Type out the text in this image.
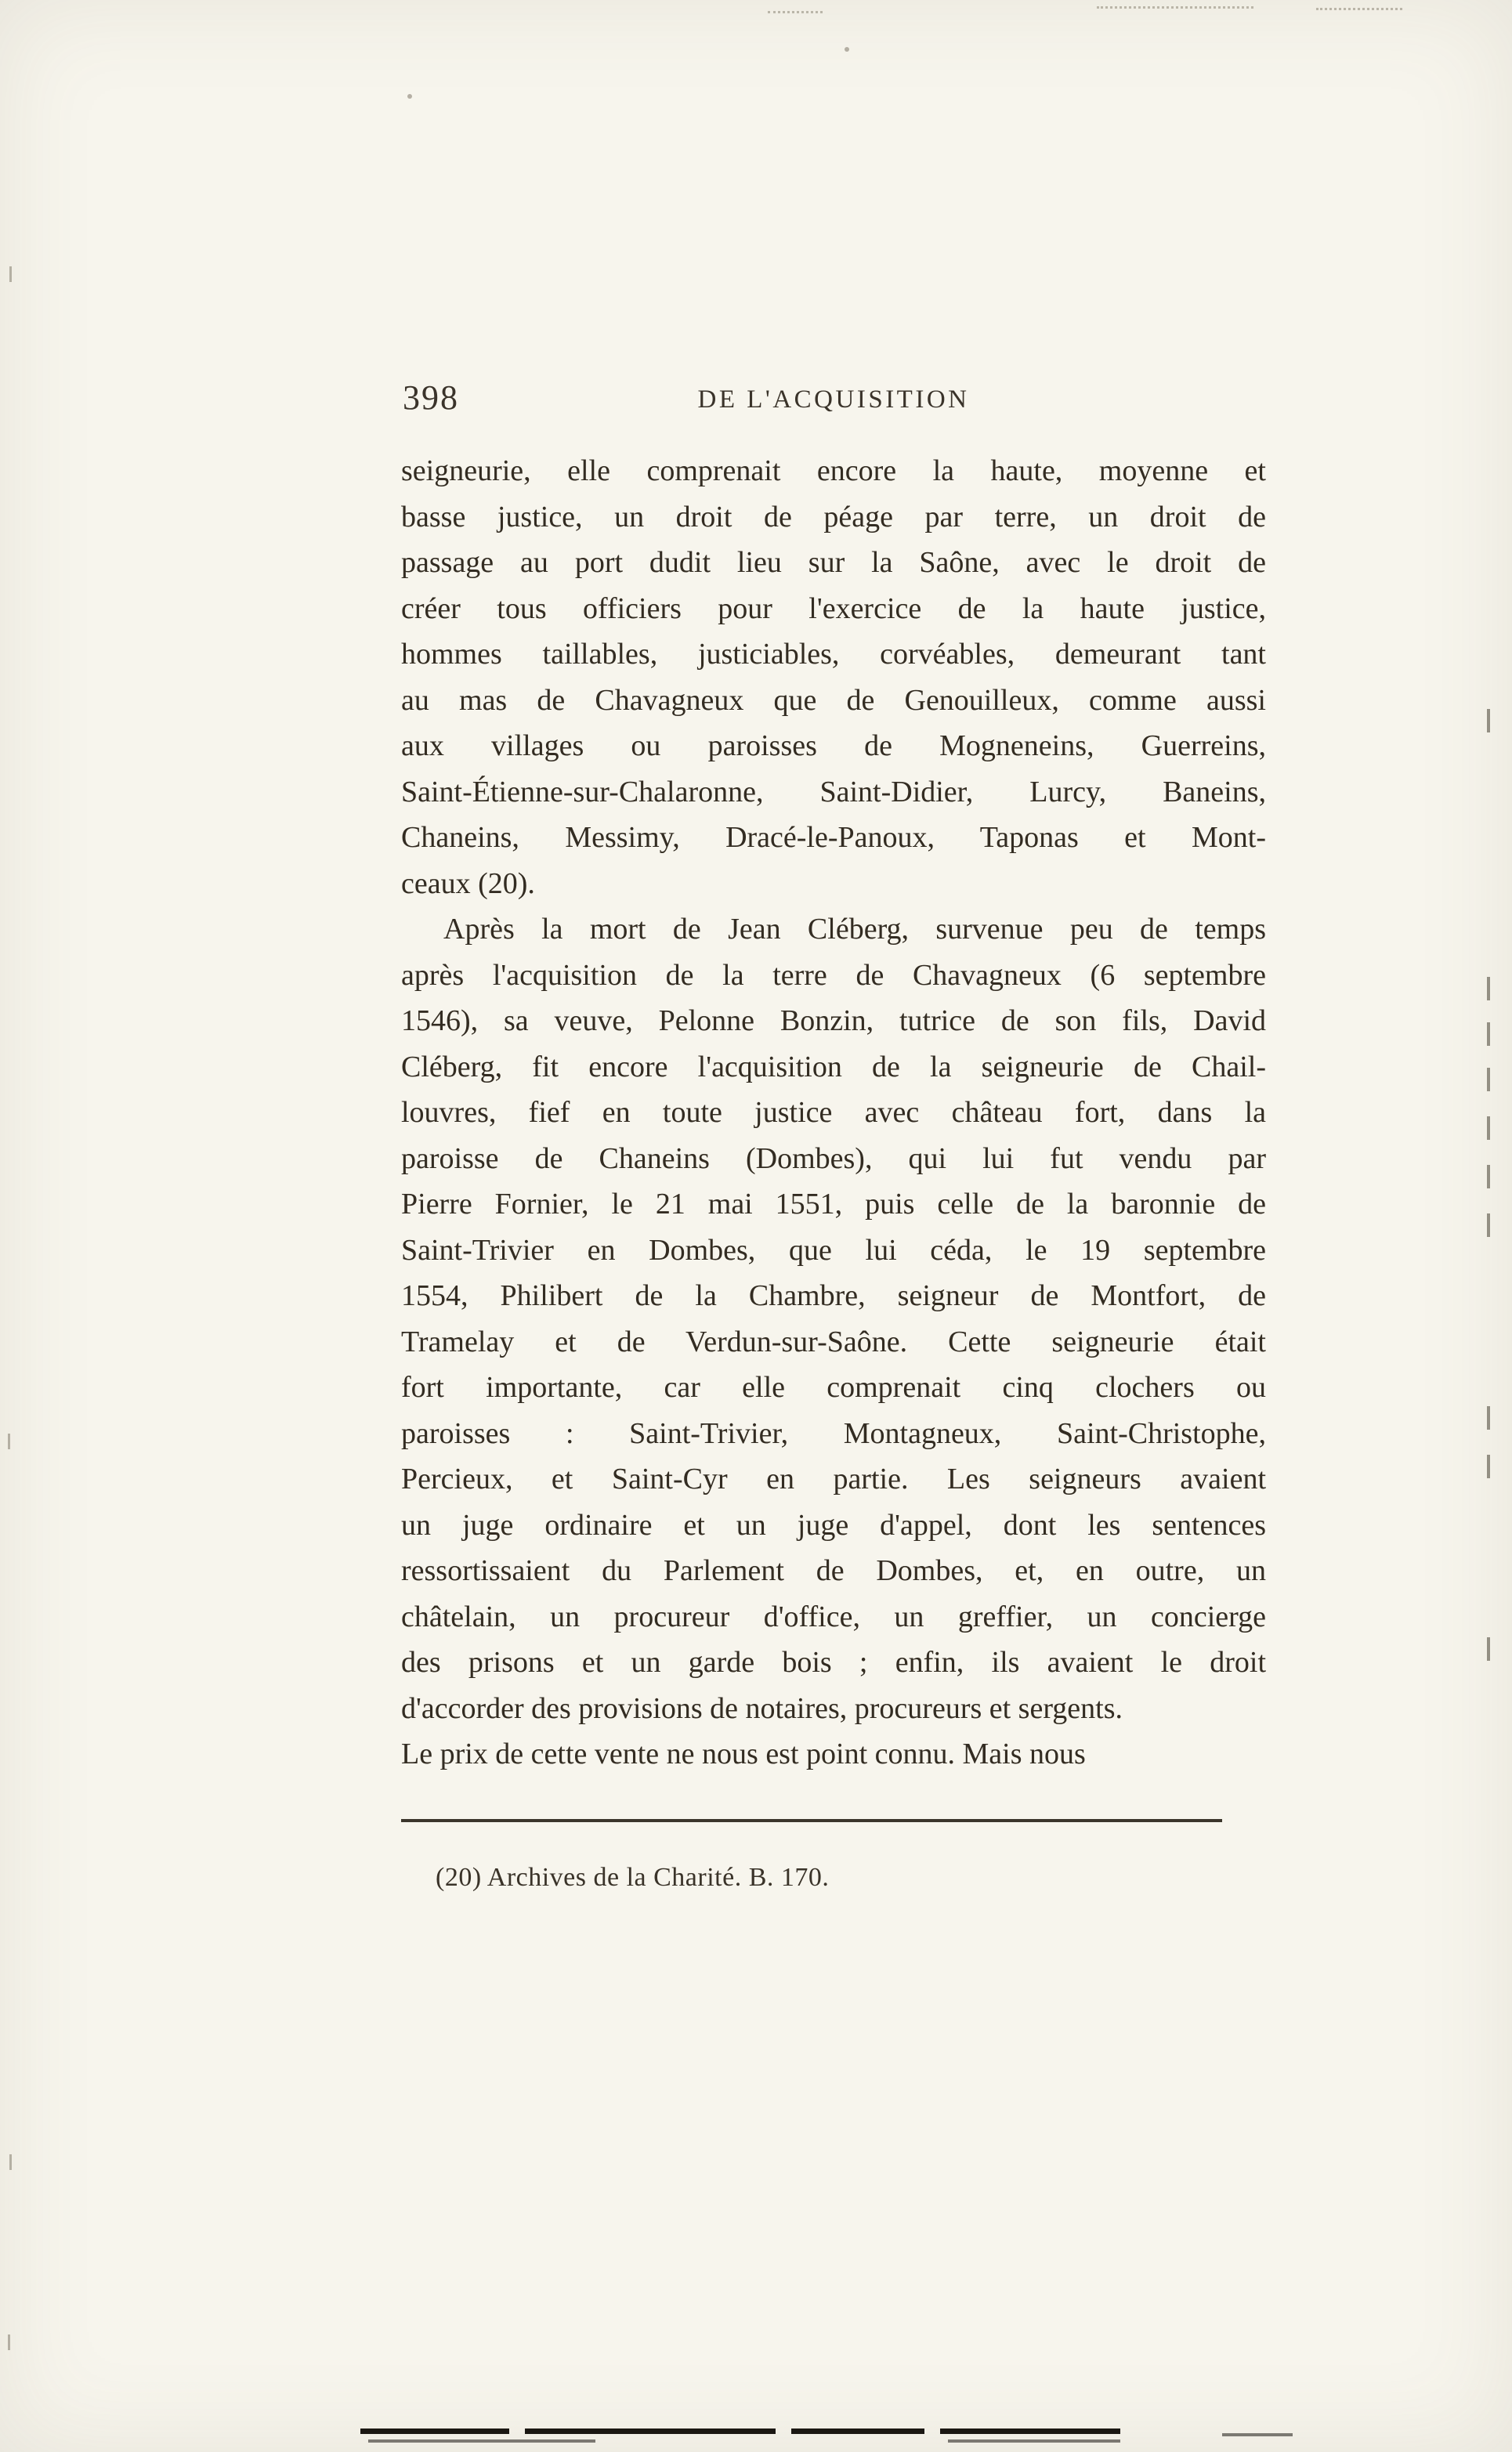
398	DE L'ACQUISITION
seigneurie, elle comprenait encore la haute, moyenne et
basse justice, un droit de péage par terre, un droit de
passage au port dudit lieu sur la Saône, avec le droit de
créer tous officiers pour l'exercice de la haute justice,
hommes taillables, justiciables, corvéables, demeurant tant
au mas de Chavagneux que de Genouilleux, comme aussi
aux villages ou paroisses de Mogneneins, Guerreins,
Saint-Étienne-sur-Chalaronne, Saint-Didier, Lurcy, Baneins,
Chaneins, Messimy, Dracé-le-Panoux, Taponas et Mont-
ceaux (20).
Après la mort de Jean Cléberg, survenue peu de temps
après l'acquisition de la terre de Chavagneux (6 septembre
1546), sa veuve, Pelonne Bonzin, tutrice de son fils, David
Cléberg, fit encore l'acquisition de la seigneurie de Chail-
louvres, fief en toute justice avec château fort, dans la
paroisse de Chaneins (Dombes), qui lui fut vendu par
Pierre Fornier, le 21 mai 1551, puis celle de la baronnie de
Saint-Trivier en Dombes, que lui céda, le 19 septembre
1554, Philibert de la Chambre, seigneur de Montfort, de
Tramelay et de Verdun-sur-Saône. Cette seigneurie était
fort importante, car elle comprenait cinq clochers ou
paroisses : Saint-Trivier, Montagneux, Saint-Christophe,
Percieux, et Saint-Cyr en partie. Les seigneurs avaient
un juge ordinaire et un juge d'appel, dont les sentences
ressortissaient du Parlement de Dombes, et, en outre, un
châtelain, un procureur d'office, un greffier, un concierge
des prisons et un garde bois ; enfin, ils avaient le droit
d'accorder des provisions de notaires, procureurs et sergents.
Le prix de cette vente ne nous est point connu. Mais nous
(20) Archives de la Charité. B. 170.
